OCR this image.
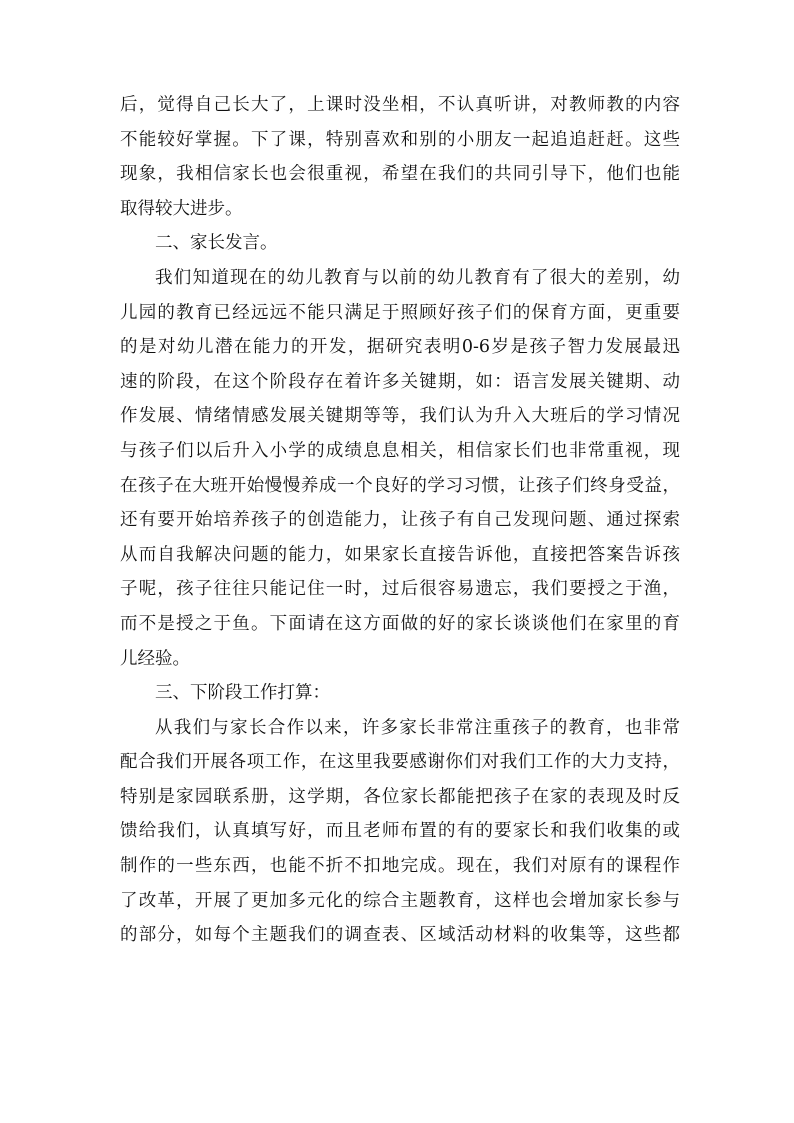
后，觉得自己长大了，上课时没坐相，不认真听讲，对教师教的内容
不能较好掌握。下了课，特别喜欢和别的小朋友一起追追赶赶。这些
现象，我相信家长也会很重视，希望在我们的共同引导下，他们也能
取得较大进步。
二、家长发言。
我们知道现在的幼儿教育与以前的幼儿教育有了很大的差别，幼
儿园的教育已经远远不能只满足于照顾好孩子们的保育方面，更重要
的是对幼儿潜在能力的开发，据研究表明0-6岁是孩子智力发展最迅
速的阶段，在这个阶段存在着许多关键期，如：语言发展关键期、动
作发展、情绪情感发展关键期等等，我们认为升入大班后的学习情况
与孩子们以后升入小学的成绩息息相关，相信家长们也非常重视，现
在孩子在大班开始慢慢养成一个良好的学习习惯，让孩子们终身受益，
还有要开始培养孩子的创造能力，让孩子有自己发现问题、通过探索
从而自我解决问题的能力，如果家长直接告诉他，直接把答案告诉孩
子呢，孩子往往只能记住一时，过后很容易遗忘，我们要授之于渔，
而不是授之于鱼。下面请在这方面做的好的家长谈谈他们在家里的育
儿经验。
三、下阶段工作打算：
从我们与家长合作以来，许多家长非常注重孩子的教育，也非常
配合我们开展各项工作，在这里我要感谢你们对我们工作的大力支持，
特别是家园联系册，这学期，各位家长都能把孩子在家的表现及时反
馈给我们，认真填写好，而且老师布置的有的要家长和我们收集的或
制作的一些东西，也能不折不扣地完成。现在，我们对原有的课程作
了改革，开展了更加多元化的综合主题教育，这样也会增加家长参与
的部分，如每个主题我们的调查表、区域活动材料的收集等，这些都
